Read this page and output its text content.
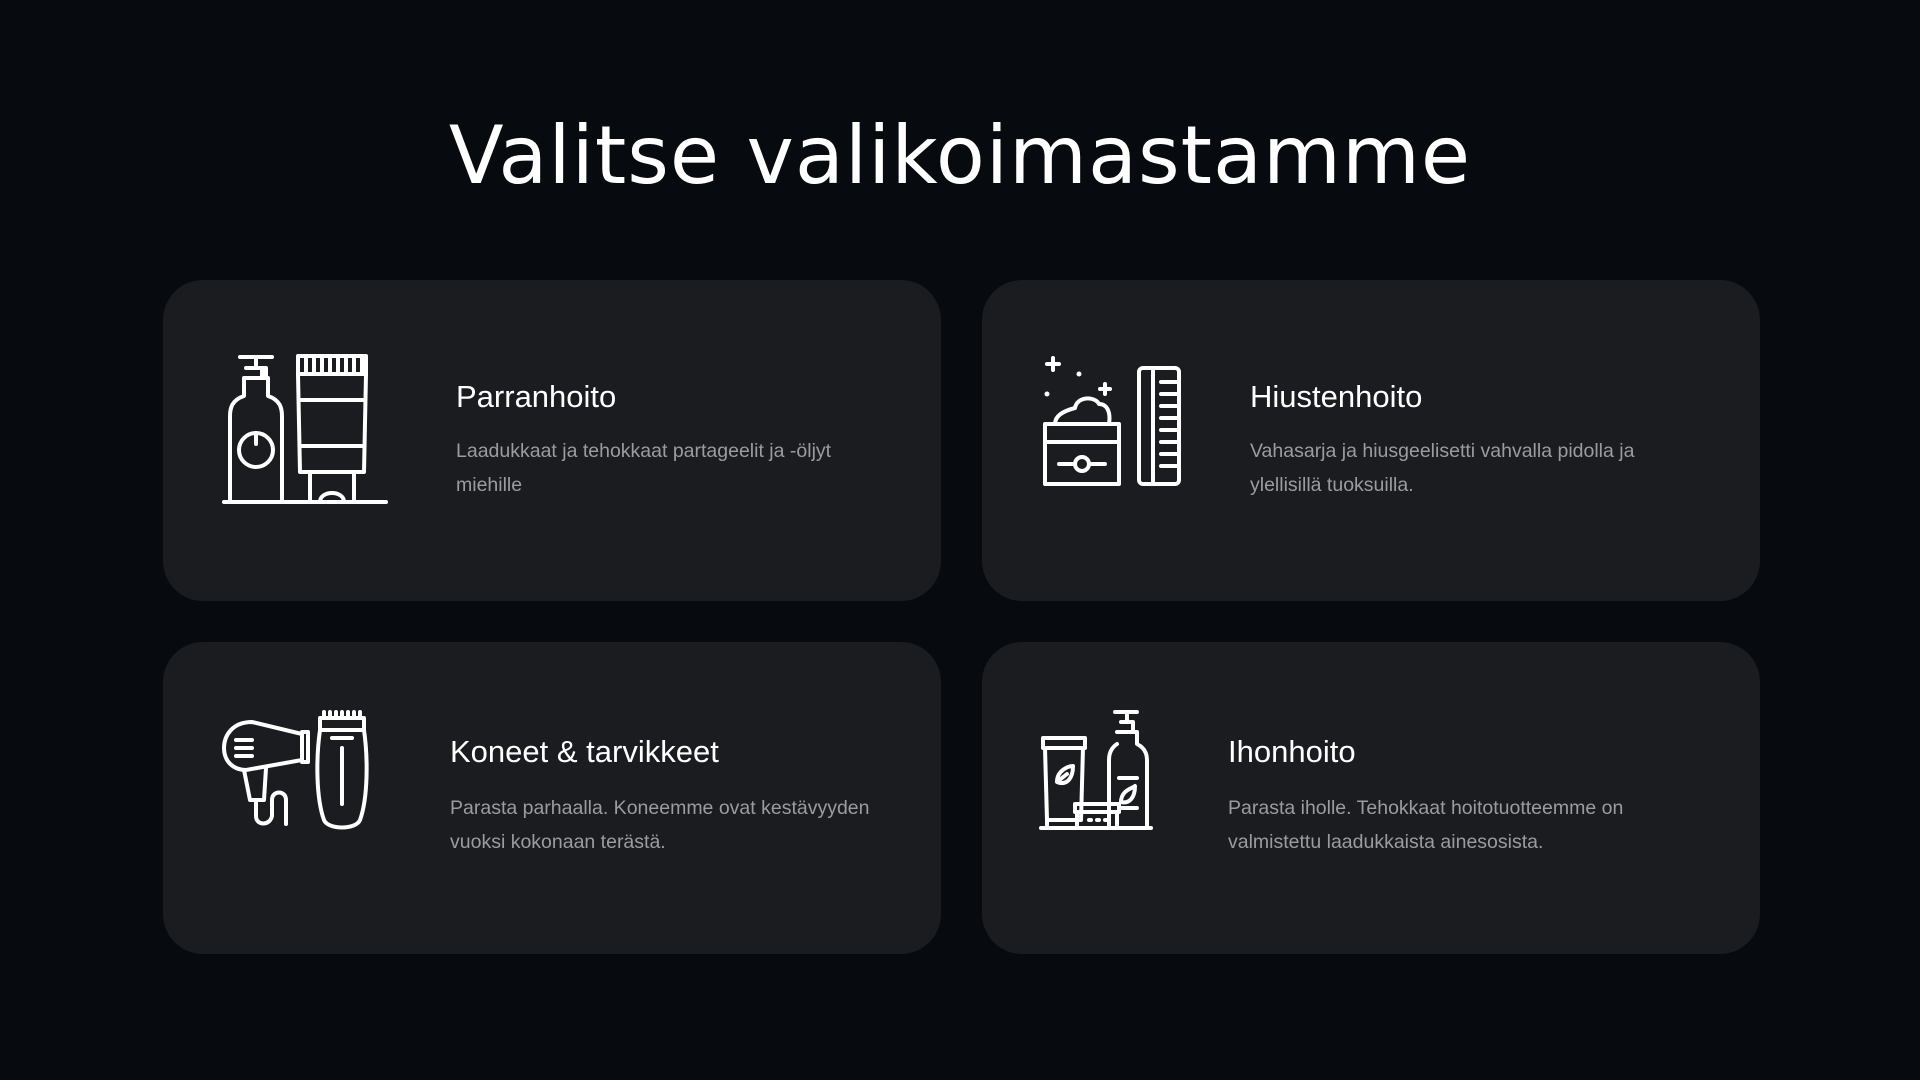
Valitse valikoimastamme
Parranhoito
Laadukkaat ja tehokkaat partageelit ja -öljyt miehille
Hiustenhoito
Vahasarja ja hiusgeelisetti vahvalla pidolla ja ylellisillä tuoksuilla.
Koneet & tarvikkeet
Parasta parhaalla. Koneemme ovat kestävyyden vuoksi kokonaan terästä.
Ihonhoito
Parasta iholle. Tehokkaat hoitotuotteemme on valmistettu laadukkaista ainesosista.
